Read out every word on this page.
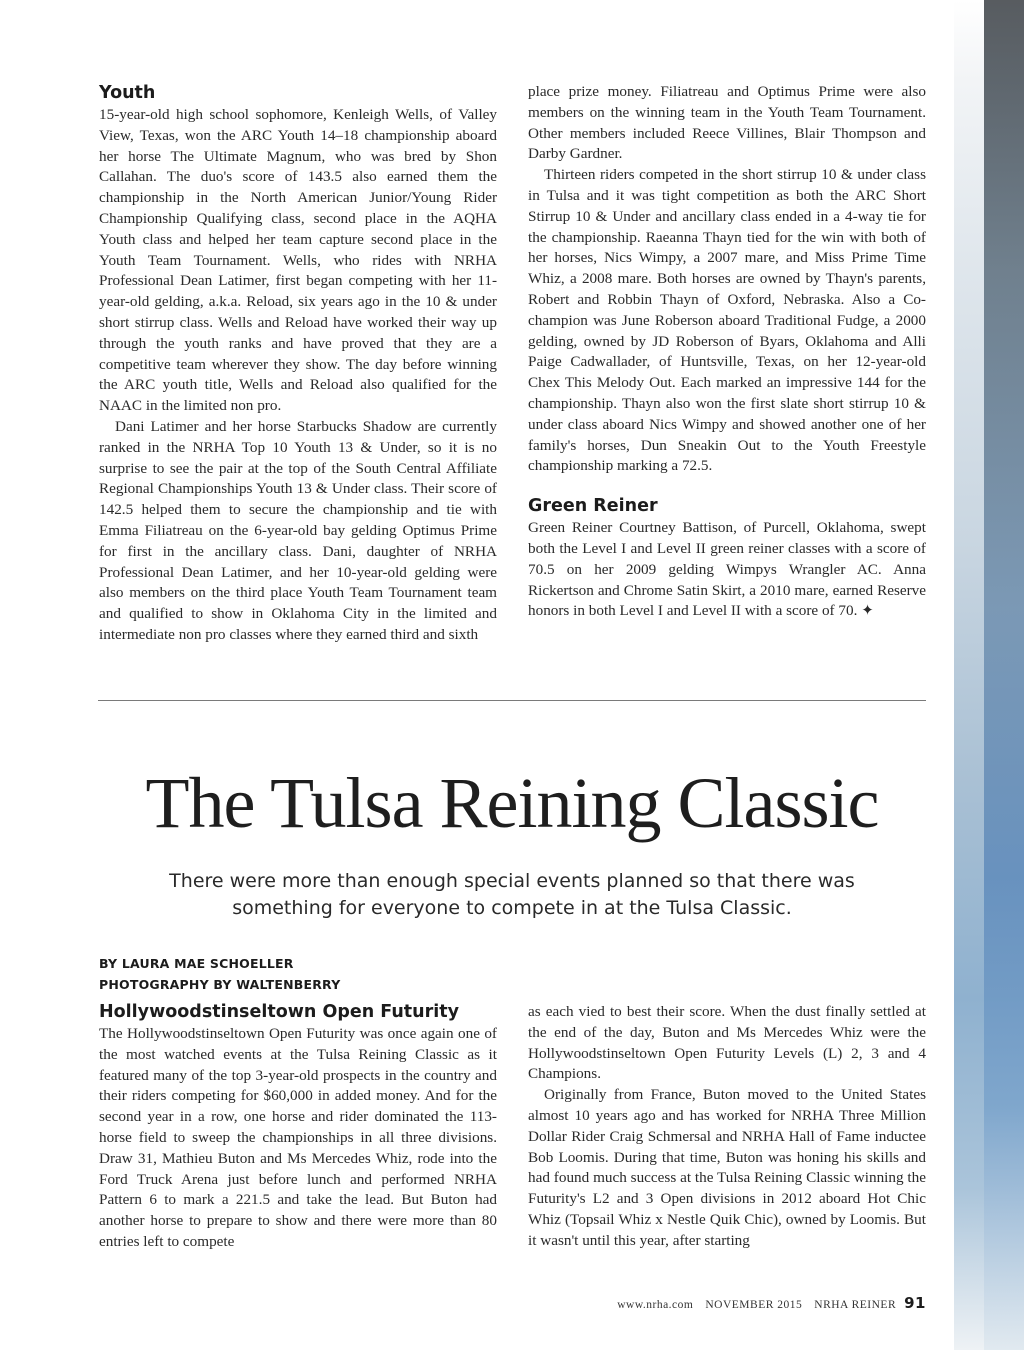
Youth

15-year-old high school sophomore, Kenleigh Wells, of Valley View, Texas, won the ARC Youth 14–18 championship aboard her horse The Ultimate Magnum, who was bred by Shon Callahan. The duo's score of 143.5 also earned them the championship in the North American Junior/Young Rider Championship Qualifying class, second place in the AQHA Youth class and helped her team capture second place in the Youth Team Tournament. Wells, who rides with NRHA Professional Dean Latimer, first began competing with her 11-year-old gelding, a.k.a. Reload, six years ago in the 10 & under short stirrup class. Wells and Reload have worked their way up through the youth ranks and have proved that they are a competitive team wherever they show. The day before winning the ARC youth title, Wells and Reload also qualified for the NAAC in the limited non pro.

Dani Latimer and her horse Starbucks Shadow are currently ranked in the NRHA Top 10 Youth 13 & Under, so it is no surprise to see the pair at the top of the South Central Affiliate Regional Championships Youth 13 & Under class. Their score of 142.5 helped them to secure the championship and tie with Emma Filiatreau on the 6-year-old bay gelding Optimus Prime for first in the ancillary class. Dani, daughter of NRHA Professional Dean Latimer, and her 10-year-old gelding were also members on the third place Youth Team Tournament team and qualified to show in Oklahoma City in the limited and intermediate non pro classes where they earned third and sixth

place prize money. Filiatreau and Optimus Prime were also members on the winning team in the Youth Team Tournament. Other members included Reece Villines, Blair Thompson and Darby Gardner.

Thirteen riders competed in the short stirrup 10 & under class in Tulsa and it was tight competition as both the ARC Short Stirrup 10 & Under and ancillary class ended in a 4-way tie for the championship. Raeanna Thayn tied for the win with both of her horses, Nics Wimpy, a 2007 mare, and Miss Prime Time Whiz, a 2008 mare. Both horses are owned by Thayn's parents, Robert and Robbin Thayn of Oxford, Nebraska. Also a Co-champion was June Roberson aboard Traditional Fudge, a 2000 gelding, owned by JD Roberson of Byars, Oklahoma and Alli Paige Cadwallader, of Huntsville, Texas, on her 12-year-old Chex This Melody Out. Each marked an impressive 144 for the championship. Thayn also won the first slate short stirrup 10 & under class aboard Nics Wimpy and showed another one of her family's horses, Dun Sneakin Out to the Youth Freestyle championship marking a 72.5.

Green Reiner

Green Reiner Courtney Battison, of Purcell, Oklahoma, swept both the Level I and Level II green reiner classes with a score of 70.5 on her 2009 gelding Wimpys Wrangler AC. Anna Rickertson and Chrome Satin Skirt, a 2010 mare, earned Reserve honors in both Level I and Level II with a score of 70. ✦

The Tulsa Reining Classic
There were more than enough special events planned so that there was something for everyone to compete in at the Tulsa Classic.
BY LAURA MAE SCHOELLER
PHOTOGRAPHY BY WALTENBERRY
Hollywoodstinseltown Open Futurity

The Hollywoodstinseltown Open Futurity was once again one of the most watched events at the Tulsa Reining Classic as it featured many of the top 3-year-old prospects in the country and their riders competing for $60,000 in added money. And for the second year in a row, one horse and rider dominated the 113-horse field to sweep the championships in all three divisions. Draw 31, Mathieu Buton and Ms Mercedes Whiz, rode into the Ford Truck Arena just before lunch and performed NRHA Pattern 6 to mark a 221.5 and take the lead. But Buton had another horse to prepare to show and there were more than 80 entries left to compete

as each vied to best their score. When the dust finally settled at the end of the day, Buton and Ms Mercedes Whiz were the Hollywoodstinseltown Open Futurity Levels (L) 2, 3 and 4 Champions.

Originally from France, Buton moved to the United States almost 10 years ago and has worked for NRHA Three Million Dollar Rider Craig Schmersal and NRHA Hall of Fame inductee Bob Loomis. During that time, Buton was honing his skills and had found much success at the Tulsa Reining Classic winning the Futurity's L2 and 3 Open divisions in 2012 aboard Hot Chic Whiz (Topsail Whiz x Nestle Quik Chic), owned by Loomis. But it wasn't until this year, after starting

www.nrha.com NOVEMBER 2015 NRHA REINER 91
